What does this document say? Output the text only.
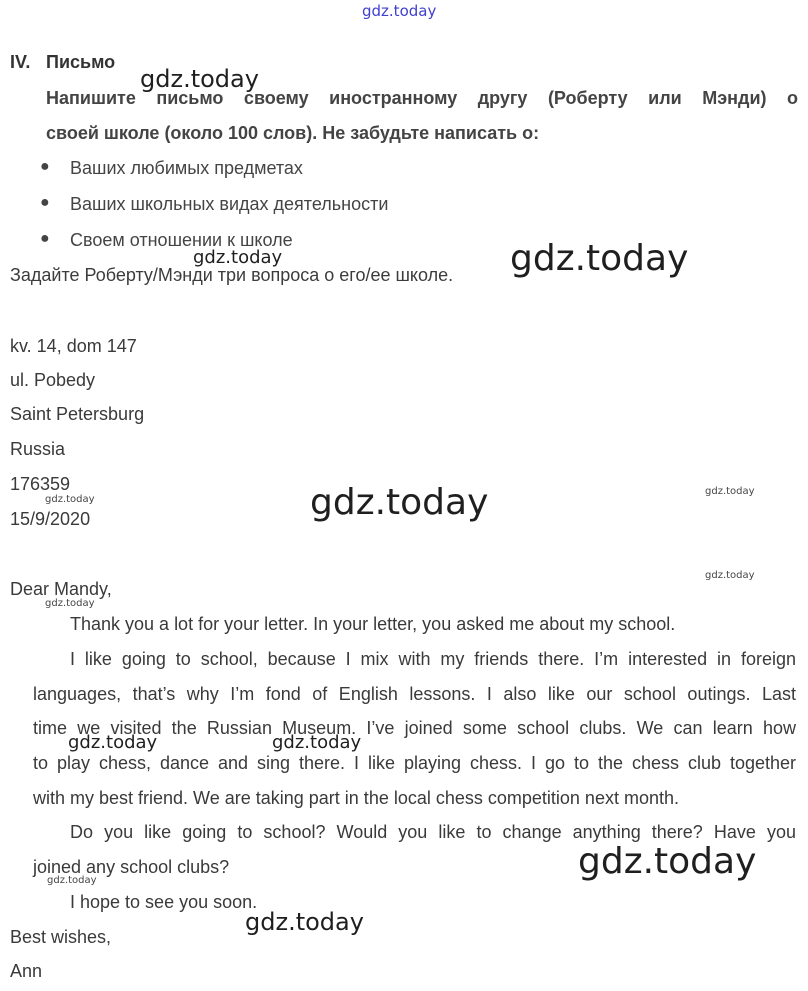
IV. Письмо
Напишите письмо своему иностранному другу (Роберту или Мэнди) о
своей школе (около 100 слов). Не забудьте написать о:
● Ваших любимых предметах
● Ваших школьных видах деятельности
● Своем отношении к школе
Задайте Роберту/Мэнди три вопроса о его/ее школе.
kv. 14, dom 147
ul. Pobedy
Saint Petersburg
Russia
176359
15/9/2020
Dear Mandy,
Thank you a lot for your letter. In your letter, you asked me about my school.
I like going to school, because I mix with my friends there. I’m interested in foreign
languages, that’s why I’m fond of English lessons. I also like our school outings. Last
time we visited the Russian Museum. I’ve joined some school clubs. We can learn how
to play chess, dance and sing there. I like playing chess. I go to the chess club together
with my best friend. We are taking part in the local chess competition next month.
Do you like going to school? Would you like to change anything there? Have you
joined any school clubs?
I hope to see you soon.
Best wishes,
Ann
gdz.today
gdz.today
gdz.today
gdz.today
gdz.today
gdz.today
gdz.today
gdz.today
gdz.today
gdz.today	gdz.today
gdz.today
gdz.today
gdz.today
